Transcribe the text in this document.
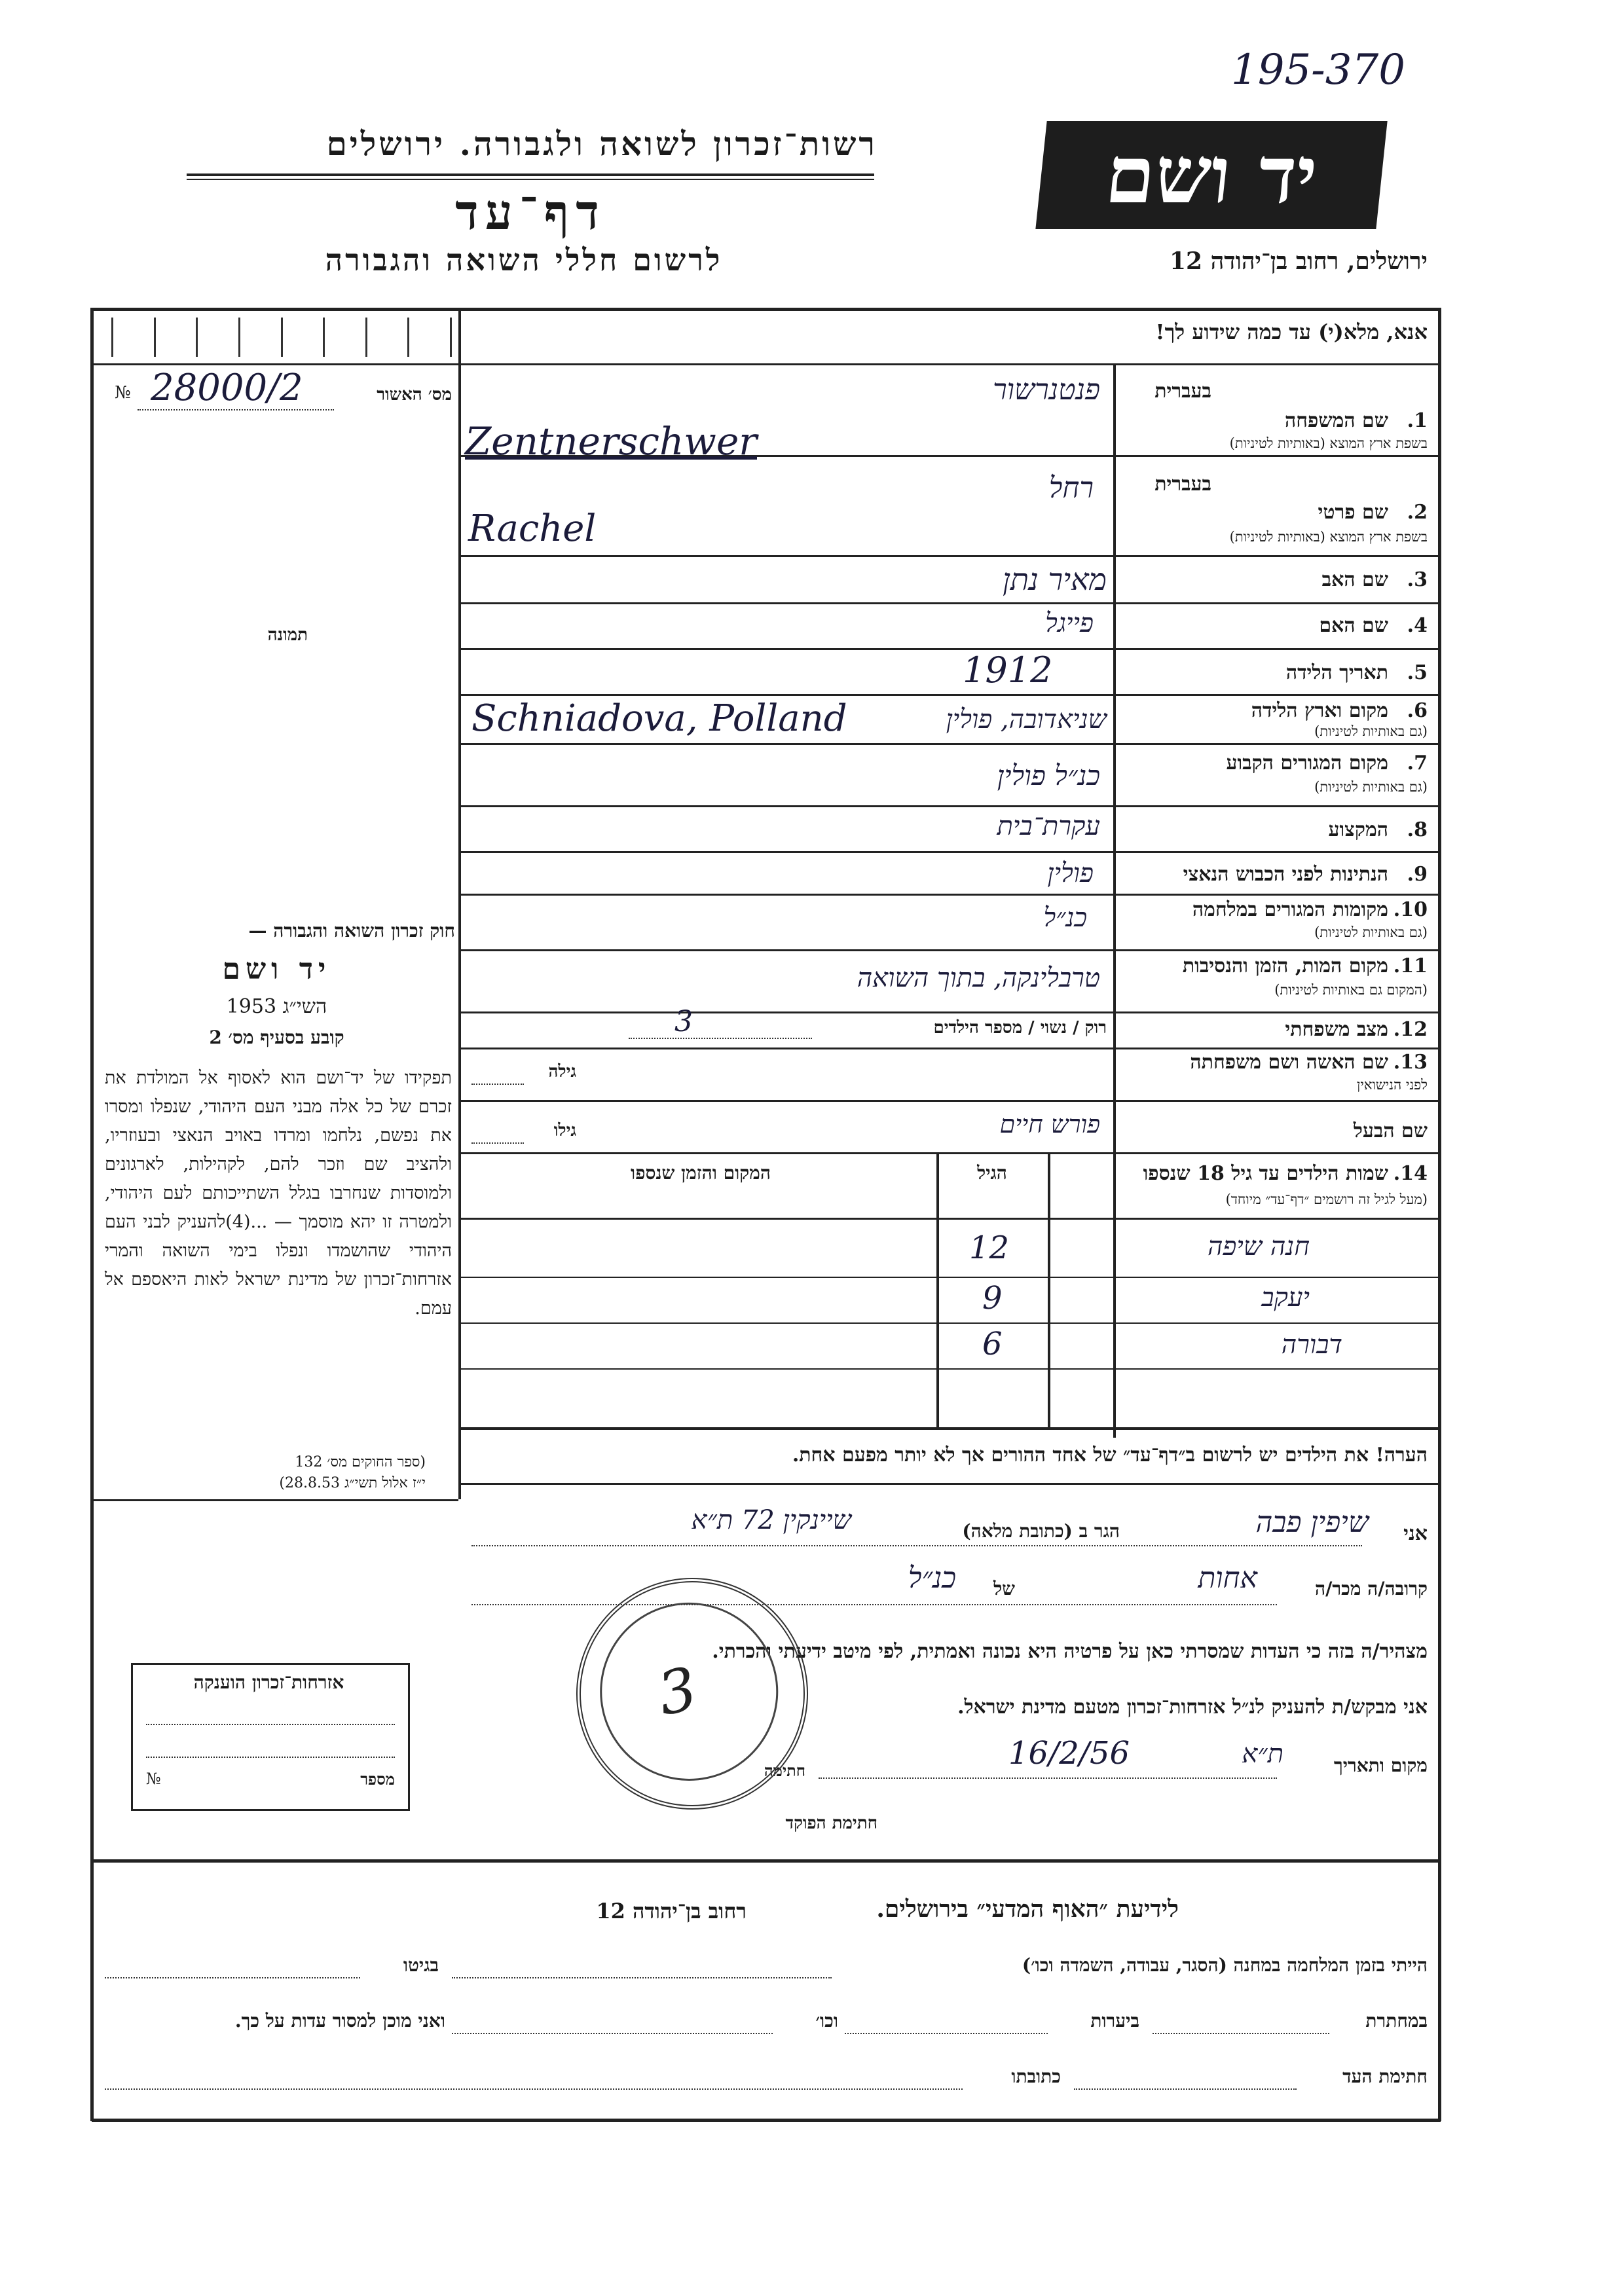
195-370
רשות־זכרון לשואה ולגבורה. ירושלים
דף־עד
לרשום חללי השואה והגבורה
יד ושם
ירושלים, רחוב בן־יהודה 12
אנא, מלא(י) עד כמה שידוע לך!
מס׳ האשור
№ 28000/2
תמונה
בעברית
1.
שם המשפחה
בשפת ארץ המוצא (באותיות לטיניות)
פנטנרשור
Zentnerschwer
בעברית
2.
שם פרטי
בשפת ארץ המוצא (באותיות לטיניות)
רחל
Rachel
3.
שם האב
מאיר נתן
4.
שם האם
פייגל
5.
תאריך הלידה
1912
6.
מקום וארץ הלידה
(גם באותיות לטיניות)
Schniadova, Polland	שניאדובה, פולין
7.
מקום המגורים הקבוע
(גם באותיות לטיניות)
כנ״ל פולין
8.
המקצוע
עקרת־בית
9.
הנתינות לפני הכבוש הנאצי
פולין
10.
מקומות המגורים במלחמה
(גם באותיות לטיניות)
כנ״ל
11.
מקום המות, הזמן והנסיבות
(המקום גם באותיות לטיניות)
טרבלינקה, בתוך השואה
12.
מצב משפחתי
רוק / נשוי / מספר הילדים
3
13.
שם האשה ושם משפחתה
לפני הנישואין
גילה
שם הבעל
פורש חיים
גילו
14.
שמות הילדים עד גיל 18 שנספו
(מעל לגיל זה רושמים ״דף־עד״ מיוחד)
הגיל
המקום והזמן שנספו
חנה שיפה
12
יעקב
9
דבורה
6
חוק זכרון השואה והגבורה —
יד ושם
השי״ג 1953
קובע בסעיף מס׳ 2
תפקידו של יד־ושם הוא לאסוף אל המולדת את זכרם של כל אלה מבני העם היהודי, שנפלו ומסרו את נפשם, נלחמו ומרדו באויב הנאצי ובעוזריו, ולהציב שם וזכר להם, לקהילות, לארגונים ולמוסדות שנחרבו בגלל השתייכותם לעם היהודי, ולמטרה זו יהא מוסמך — ...(4)להעניק לבני העם היהודי שהושמדו ונפלו בימי השואה והמרי אזרחות־זכרון של מדינת ישראל לאות היאספם אל עמם.
(ספר החוקים מס׳ 132
י״ז אלול תשי״ג 28.8.53)
הערה! את הילדים יש לרשום ב״דף־עד״ של אחד ההורים אך לא יותר מפעם אחת.
אני
שיפין פבה
הגר ב (כתובת מלאה)
שיינקין 72 ת״א
קרובה/ה מכר/ה
אחות
של
כנ״ל
מצהיר/ה בזה כי העדות שמסרתי כאן על פרטיה היא נכונה ואמתית, לפי מיטב ידיעתי והכרתי.
אני מבקש/ת להעניק לנ״ל אזרחות־זכרון מטעם מדינת ישראל.
מקום ותאריך
ת״א
16/2/56
חתימה
חתימת הפוקד
3
אזרחות־זכרון הוענקה
מספר
№
לידיעת ״האוף המדעי״ בירושלים.
רחוב בן־יהודה 12
הייתי בזמן המלחמה במחנה (הסגר, עבודה, השמדה וכו׳)
בגיטו
במחתרת
ביערות
וכו׳
ואני מוכן למסור עדות על כך.
חתימת העד
כתובתו
